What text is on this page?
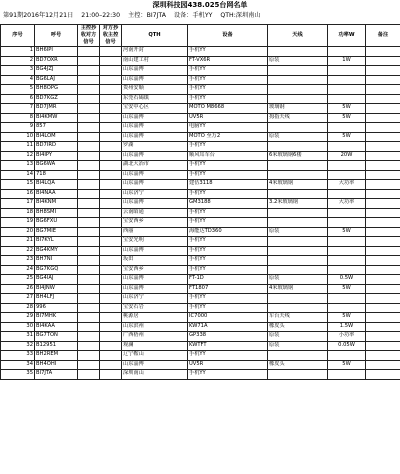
深圳科技园438.025台网名单
第91期2016年12月21日 21:00–22:30 主控：BI7JTA 设备：手机YY QTH:深圳南山
序号	呼号	主控抄收对方信号	对方抄收主控信号	QTH	设备	天线	功率W	备注
1	BH6IPI			河南开封	手机YY			
2	BD7OXR			南山建工村	FT-VX6R	原装	1W	
3	BG4JZJ			山东淄博	手机YY			
4	BG6LAJ			山东淄博	手机YY			
5	BH8OPG			贵州安顺	手机YY			
6	BD7KGZ			东莞石碣镇	手机YY			
7	BD7JMR			宝安中心区	MOTO M8668	玻璃钢	5W	
8	BI4KMW			山东淄博	UV5R	拇指天线	5W	
9	857			山东淄博	电脑YY			
10	BI4LOM			山东淄博	MOTO 至万2	原装	5W	
11	BD7IRD			罗湖	手机YY			
12	BI4IPY			山东淄博	顺风耳车台	6米玻璃钢6楼	20W	
13	BG6WA			湖北大冶市	手机YY			
14	718			山东淄博	手机YY			
15	BI4LQA			山东淄博	建伍3118	4米玻璃钢	大功率	
16	BI4NAA			山东济宁	手机YY			
17	BI4KNM			山东淄博	GM3188	3.2米玻璃钢	大功率	
18	BH8SMI			云南昭通	手机YY			
19	BG6FXU			宝安西乡	手机YY			
20	BG7MIE			西丽	海能达TD360	原装	5W	
21	BI7KYL			宝安光明	手机YY			
22	BG4KMY			山东淄博	手机YY			
23	BH7NI			坂田	手机YY			
24	BG7KGQ			宝安西乡	手机YY			
25	BG4IAJ			山东淄博	FT-1D	原装	0.5W	
26	BI4JNW			山东淄博	FT1807	4米玻璃钢	5W	
27	BH4LFJ			山东济宁	手机YY			
28	996			宝安石岩	手机YY			
29	BI7MHK			桃源居	IC7000	车台天线	5W	
30	BI4KAA			山东滨州	KW71A	橡皮头	1.5W	
31	BG7TON			广西梧州	GP338	原装	小功率	
32	B12951			观澜	KWTFT	原装	0.05W	
33	BH2REM			辽宁鞍山	手机YY			
34	BH4OHI			山东淄博	UV5R	橡皮头	5W	
35	BI7JTA			深圳南山	手机YY			
